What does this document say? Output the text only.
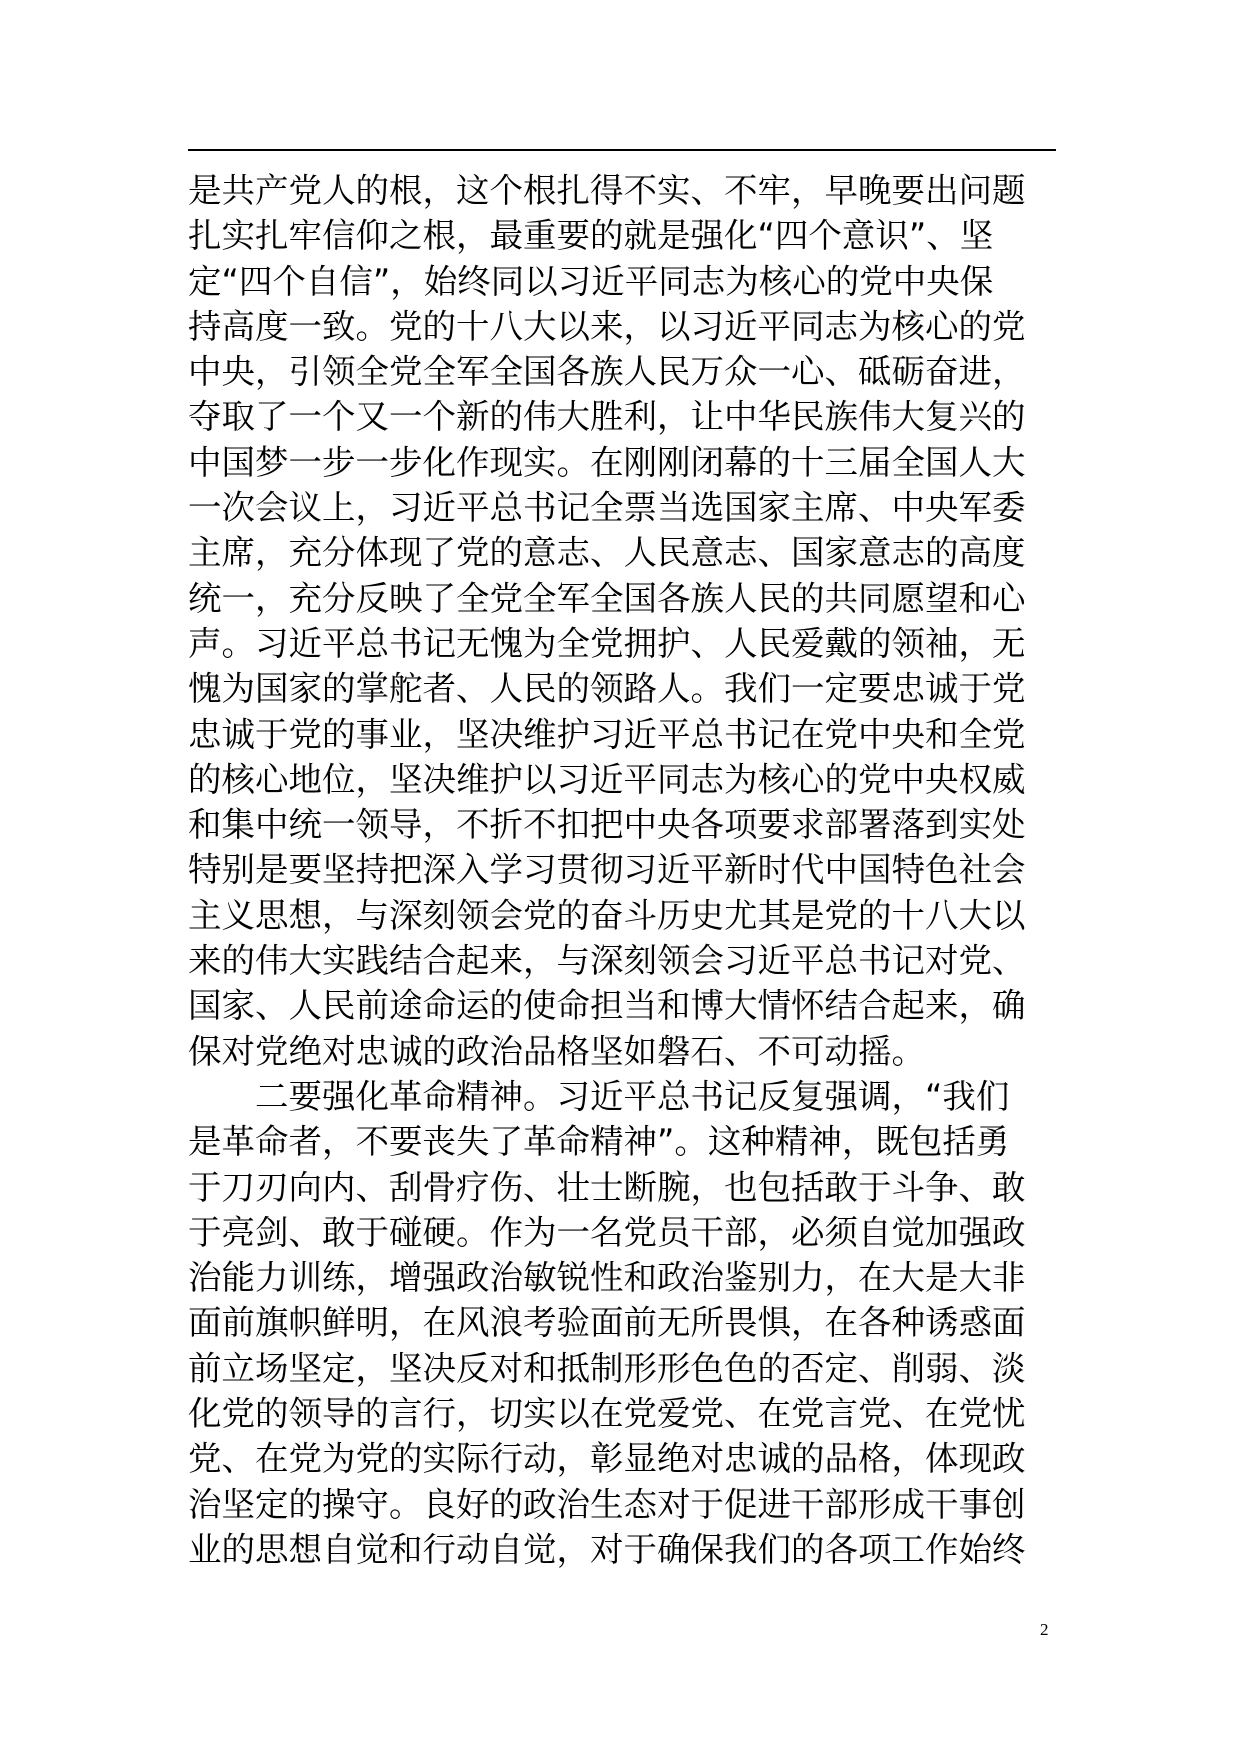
是共产党人的根，这个根扎得不实、不牢，早晚要出问题
扎实扎牢信仰之根，最重要的就是强化“四个意识”、坚
定“四个自信”，始终同以习近平同志为核心的党中央保
持高度一致。党的十八大以来，以习近平同志为核心的党
中央，引领全党全军全国各族人民万众一心、砥砺奋进，
夺取了一个又一个新的伟大胜利，让中华民族伟大复兴的
中国梦一步一步化作现实。在刚刚闭幕的十三届全国人大
一次会议上，习近平总书记全票当选国家主席、中央军委
主席，充分体现了党的意志、人民意志、国家意志的高度
统一，充分反映了全党全军全国各族人民的共同愿望和心
声。习近平总书记无愧为全党拥护、人民爱戴的领袖，无
愧为国家的掌舵者、人民的领路人。我们一定要忠诚于党
忠诚于党的事业，坚决维护习近平总书记在党中央和全党
的核心地位，坚决维护以习近平同志为核心的党中央权威
和集中统一领导，不折不扣把中央各项要求部署落到实处
特别是要坚持把深入学习贯彻习近平新时代中国特色社会
主义思想，与深刻领会党的奋斗历史尤其是党的十八大以
来的伟大实践结合起来，与深刻领会习近平总书记对党、
国家、人民前途命运的使命担当和博大情怀结合起来，确
保对党绝对忠诚的政治品格坚如磐石、不可动摇。
二要强化革命精神。习近平总书记反复强调，“我们
是革命者，不要丧失了革命精神”。这种精神，既包括勇
于刀刃向内、刮骨疗伤、壮士断腕，也包括敢于斗争、敢
于亮剑、敢于碰硬。作为一名党员干部，必须自觉加强政
治能力训练，增强政治敏锐性和政治鉴别力，在大是大非
面前旗帜鲜明，在风浪考验面前无所畏惧，在各种诱惑面
前立场坚定，坚决反对和抵制形形色色的否定、削弱、淡
化党的领导的言行，切实以在党爱党、在党言党、在党忧
党、在党为党的实际行动，彰显绝对忠诚的品格，体现政
治坚定的操守。良好的政治生态对于促进干部形成干事创
业的思想自觉和行动自觉，对于确保我们的各项工作始终
2
